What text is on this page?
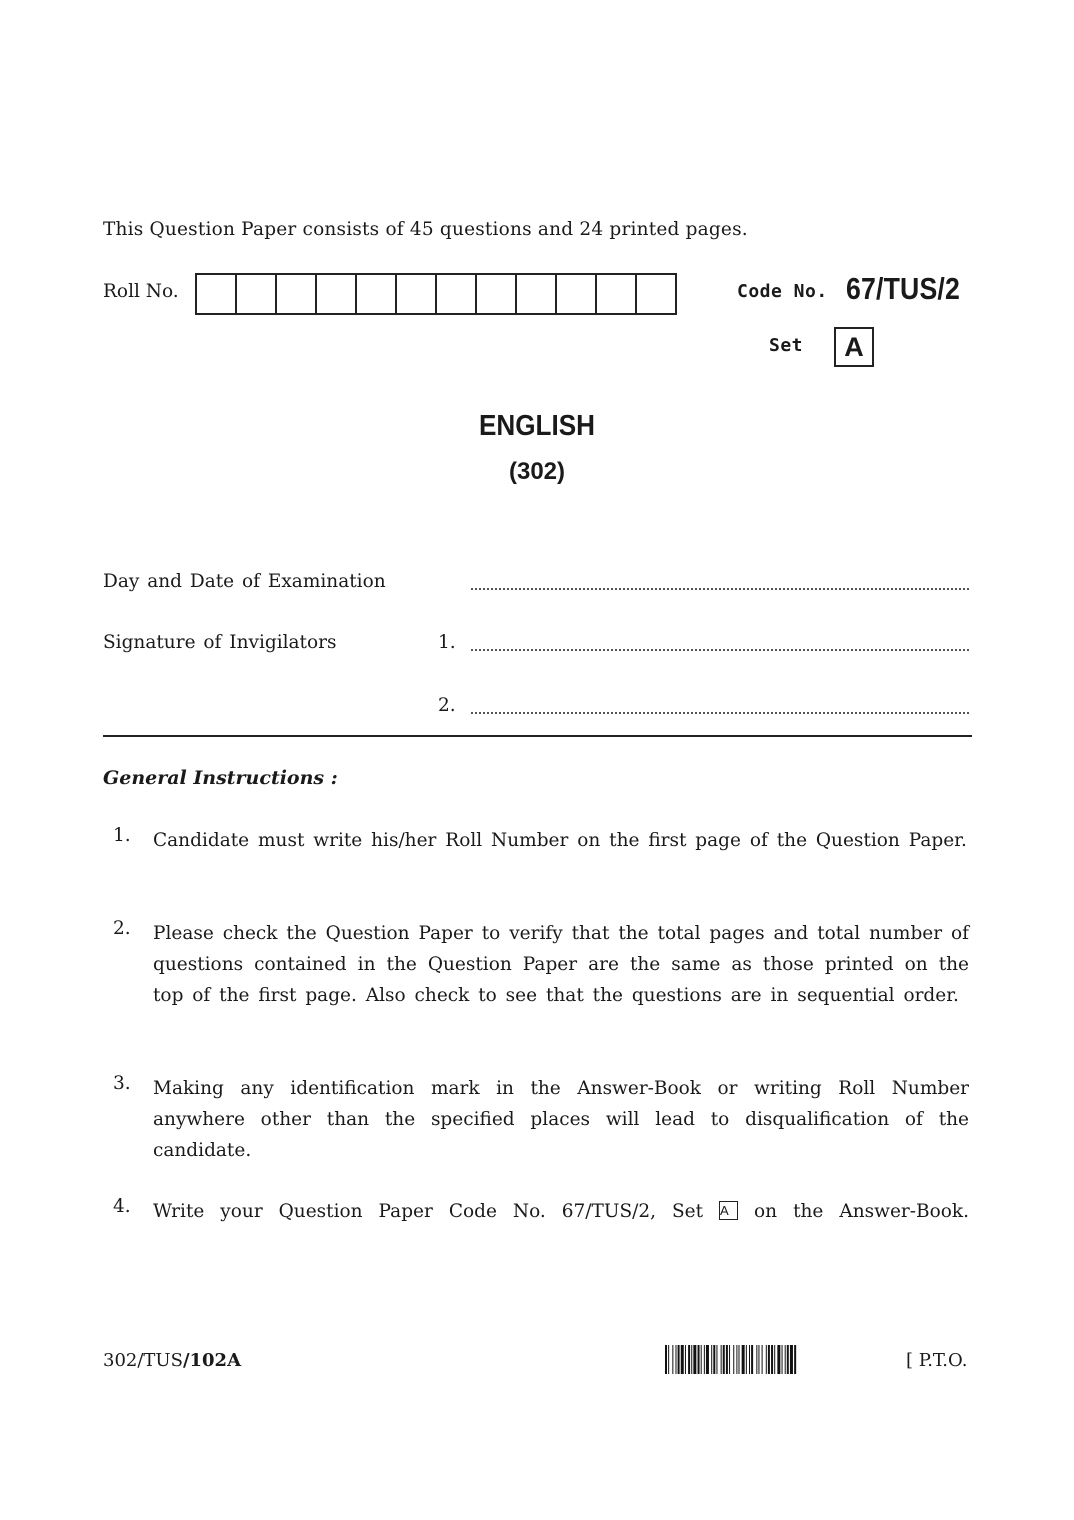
This Question Paper consists of 45 questions and 24 printed pages.
Roll No.	Code No. 67/TUS/2
Set	A
ENGLISH
(302)
Day and Date of Examination
Signature of Invigilators	1.
2.
General Instructions :
1. Candidate must write his/her Roll Number on the first page of the Question Paper.
2. Please check the Question Paper to verify that the total pages and total number of questions contained in the Question Paper are the same as those printed on the top of the first page. Also check to see that the questions are in sequential order.
3. Making any identification mark in the Answer-Book or writing Roll Number anywhere other than the specified places will lead to disqualification of the candidate.
4. Write your Question Paper Code No. 67/TUS/2, Set A on the Answer-Book.
302/TUS/102A	[ P.T.O.
